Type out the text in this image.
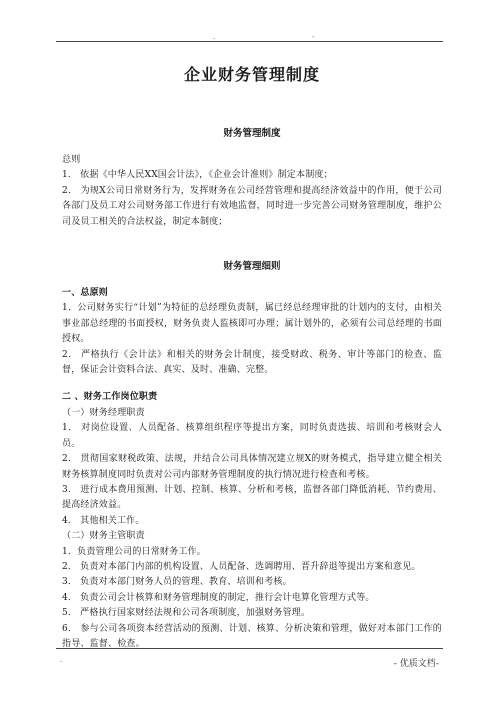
.	-
企业财务管理制度
财务管理制度

总则

1． 依据《中华人民XX国会计法》，《企业会计准则》制定本制度；

2． 为规X公司日常财务行为，发挥财务在公司经营管理和提高经济效益中的作用，便于公司各部门及员工对公司财务部工作进行有效地监督，同时进一步完善公司财务管理制度，维护公司及员工相关的合法权益，制定本制度；

财务管理细则

一、总原则

1．公司财务实行“计划”为特征的总经理负责制，属已经总经理审批的计划内的支付，由相关事业部总经理的书面授权，财务负责人监核即可办理；属计划外的，必须有公司总经理的书面授权。

2． 严格执行《会计法》和相关的财务会计制度，接受财政、税务、审计等部门的检查、监督，保证会计资料合法、真实、及时、准确、完整。

二 、财务工作岗位职责

（一）财务经理职责

1． 对岗位设置、人员配备、核算组织程序等提出方案，同时负责选拔、培训和考核财会人员。

2． 贯彻国家财税政策、法规，并结合公司具体情况建立规X的财务模式，指导建立健全相关财务核算制度同时负责对公司内部财务管理制度的执行情况进行检查和考核。

3． 进行成本费用预测、计划、控制、核算、分析和考核，监督各部门降低消耗、节约费用、提高经济效益。

4． 其他相关工作。

（二）财务主管职责

1．负责管理公司的日常财务工作。

2． 负责对本部门内部的机构设置、人员配备、选调聘用、晋升辞退等提出方案和意见。

3． 负责对本部门财务人员的管理、教育、培训和考核。

4． 负责公司会计核算和财务管理制度的制定，推行会计电算化管理方式等。

5． 严格执行国家财经法规和公司各项制度，加强财务管理。

6． 参与公司各项资本经营活动的预测、计划、核算、分析决策和管理，做好对本部门工作的指导、监督、检查。

.	- 优质文档-
